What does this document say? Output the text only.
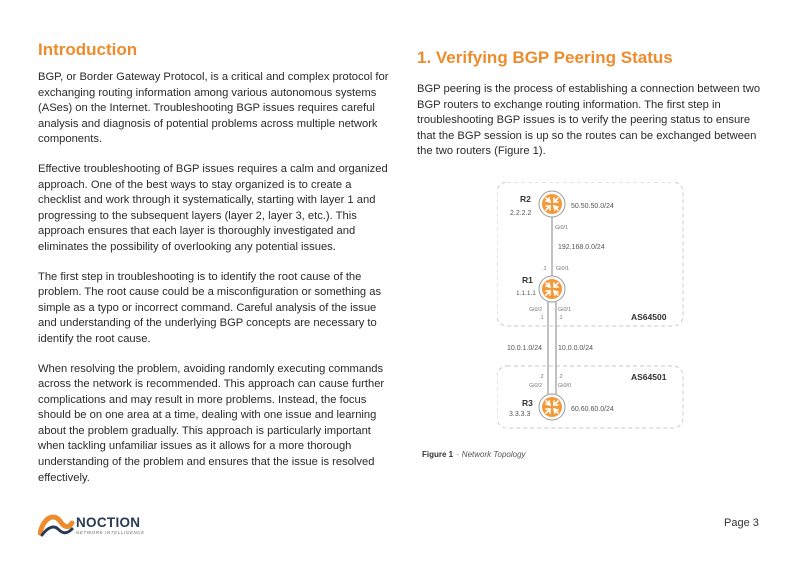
Introduction

BGP, or Border Gateway Protocol, is a critical and complex protocol for exchanging routing information among various autonomous systems (ASes) on the Internet. Troubleshooting BGP issues requires careful analysis and diagnosis of potential problems across multiple network components.

Effective troubleshooting of BGP issues requires a calm and organized approach. One of the best ways to stay organized is to create a checklist and work through it systematically, starting with layer 1 and progressing to the subsequent layers (layer 2, layer 3, etc.). This approach ensures that each layer is thoroughly investigated and eliminates the possibility of overlooking any potential issues.

The first step in troubleshooting is to identify the root cause of the problem. The root cause could be a misconfiguration or something as simple as a typo or incorrect command. Careful analysis of the issue and understanding of the underlying BGP concepts are necessary to identify the root cause.

When resolving the problem, avoiding randomly executing commands across the network is recommended. This approach can cause further complications and may result in more problems. Instead, the focus should be on one area at a time, dealing with one issue and learning about the problem gradually. This approach is particularly important when tackling unfamiliar issues as it allows for a more thorough understanding of the problem and ensures that the issue is resolved effectively.

1. Verifying BGP Peering Status

BGP peering is the process of establishing a connection between two BGP routers to exchange routing information. The first step in troubleshooting BGP issues is to verify the peering status to ensure that the BGP session is up so the routes can be exchanged between the two routers (Figure 1).

R2
2.2.2.2
50.50.50.0/24
Gi0/1
192.168.0.0/24
.1 Gi0/1
R1
1.1.1.1
Gi0/2	Gi0/1
.1	.1	AS64500
10.0.1.0/24 10.0.0.0/24
AS64501
.2	.2
Gi0/2	Gi0/0
R3
3.3.3.3
60.60.60.0/24
Figure 1 - Network Topology
NOCTION
NETWORK INTELLIGENCE
Page 3
